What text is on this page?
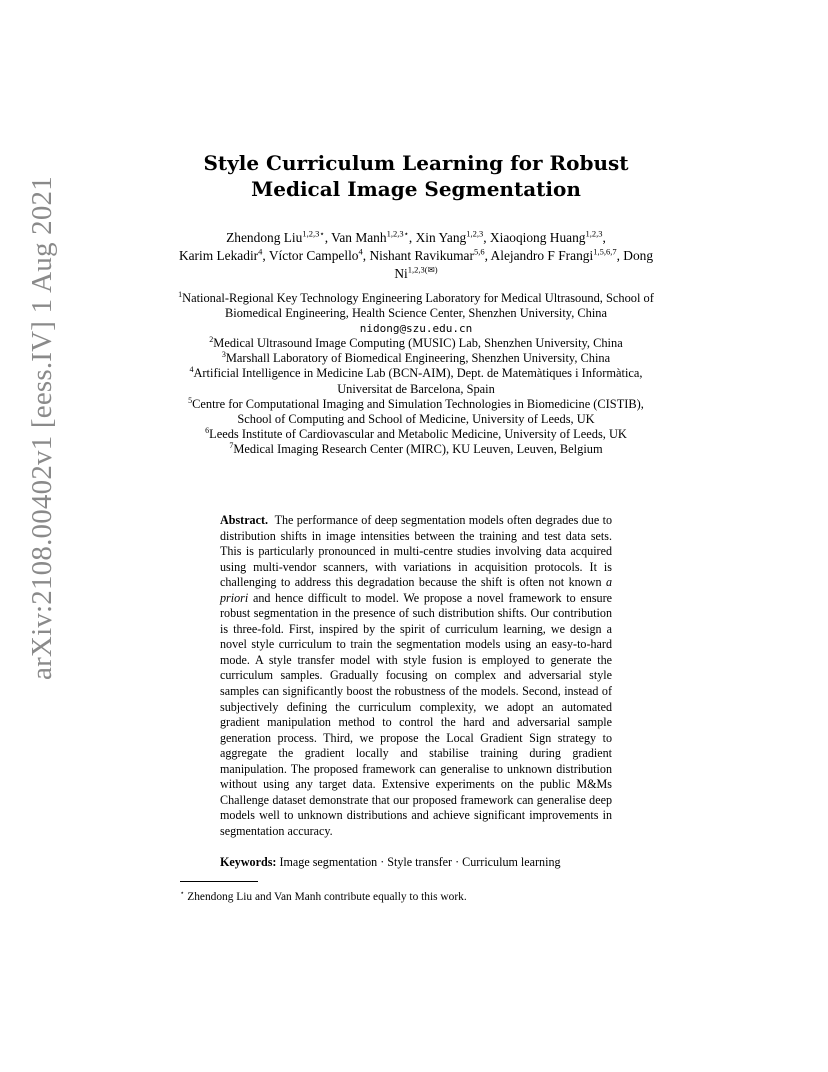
arXiv:2108.00402v1 [eess.IV] 1 Aug 2021
Style Curriculum Learning for Robust
Medical Image Segmentation
Zhendong Liu$^{1,2,3⋆}$, Van Manh$^{1,2,3⋆}$, Xin Yang$^{1,2,3}$, Xiaoqiong Huang$^{1,2,3}$,
Karim Lekadir$^4$, Víctor Campello$^4$, Nishant Ravikumar$^{5,6}$, Alejandro F Frangi$^{1,5,6,7}$, Dong $Ni^{1,2,3(✉)}$
$^1$National-Regional Key Technology Engineering Laboratory for Medical Ultrasound, School of Biomedical Engineering, Health Science Center, Shenzhen University, China
nidong@szu.edu.cn
$^2$Medical Ultrasound Image Computing (MUSIC) Lab, Shenzhen University, China
$^3$Marshall Laboratory of Biomedical Engineering, Shenzhen University, China
$^4$Artificial Intelligence in Medicine Lab (BCN-AIM), Dept. de Matemàtiques i Informàtica, Universitat de Barcelona, Spain
$^5$Centre for Computational Imaging and Simulation Technologies in Biomedicine (CISTIB), School of Computing and School of Medicine, University of Leeds, UK
$^6$Leeds Institute of Cardiovascular and Metabolic Medicine, University of Leeds, UK
$^7$Medical Imaging Research Center (MIRC), KU Leuven, Leuven, Belgium
Abstract. The performance of deep segmentation models often degrades due to distribution shifts in image intensities between the training and test data sets. This is particularly pronounced in multi-centre studies involving data acquired using multi-vendor scanners, with variations in acquisition protocols. It is challenging to address this degradation because the shift is often not known a priori and hence difficult to model. We propose a novel framework to ensure robust segmentation in the presence of such distribution shifts. Our contribution is three-fold. First, inspired by the spirit of curriculum learning, we design a novel style curriculum to train the segmentation models using an easy-to-hard mode. A style transfer model with style fusion is employed to generate the curriculum samples. Gradually focusing on complex and adversarial style samples can significantly boost the robustness of the models. Second, instead of subjectively defining the curriculum complexity, we adopt an automated gradient manipulation method to control the hard and adversarial sample generation process. Third, we propose the Local Gradient Sign strategy to aggregate the gradient locally and stabilise training during gradient manipulation. The proposed framework can generalise to unknown distribution without using any target data. Extensive experiments on the public M&Ms Challenge dataset demonstrate that our proposed framework can generalise deep models well to unknown distributions and achieve significant improvements in segmentation accuracy.
Keywords: Image segmentation · Style transfer · Curriculum learning
⋆ Zhendong Liu and Van Manh contribute equally to this work.
